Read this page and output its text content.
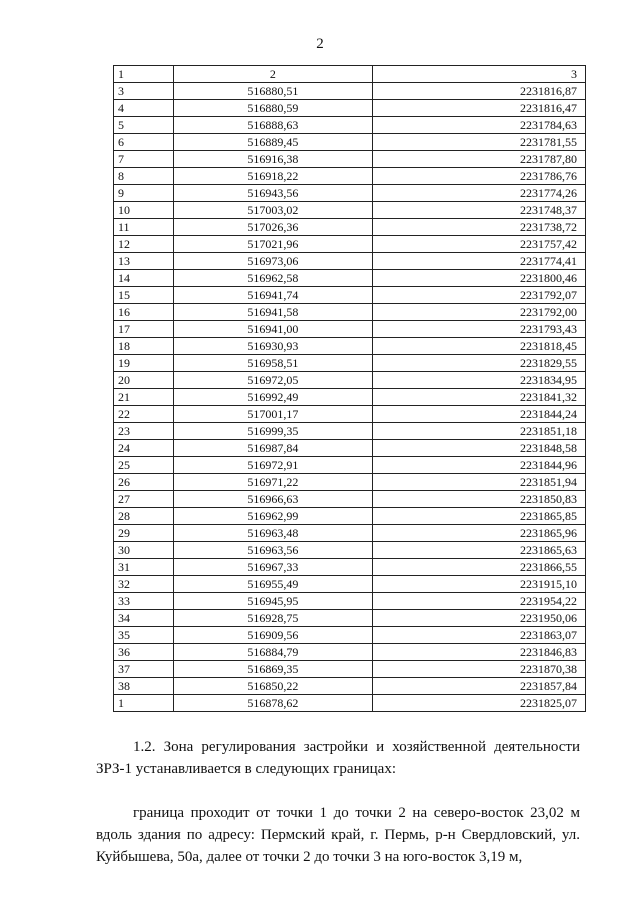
2
1	2	3
3	516880,51	2231816,87
4	516880,59	2231816,47
5	516888,63	2231784,63
6	516889,45	2231781,55
7	516916,38	2231787,80
8	516918,22	2231786,76
9	516943,56	2231774,26
10	517003,02	2231748,37
11	517026,36	2231738,72
12	517021,96	2231757,42
13	516973,06	2231774,41
14	516962,58	2231800,46
15	516941,74	2231792,07
16	516941,58	2231792,00
17	516941,00	2231793,43
18	516930,93	2231818,45
19	516958,51	2231829,55
20	516972,05	2231834,95
21	516992,49	2231841,32
22	517001,17	2231844,24
23	516999,35	2231851,18
24	516987,84	2231848,58
25	516972,91	2231844,96
26	516971,22	2231851,94
27	516966,63	2231850,83
28	516962,99	2231865,85
29	516963,48	2231865,96
30	516963,56	2231865,63
31	516967,33	2231866,55
32	516955,49	2231915,10
33	516945,95	2231954,22
34	516928,75	2231950,06
35	516909,56	2231863,07
36	516884,79	2231846,83
37	516869,35	2231870,38
38	516850,22	2231857,84
1	516878,62	2231825,07
1.2. Зона регулирования застройки и хозяйственной деятельности ЗРЗ-1 устанавливается в следующих границах:
граница проходит от точки 1 до точки 2 на северо-восток 23,02 м вдоль здания по адресу: Пермский край, г. Пермь, р-н Свердловский, ул. Куйбышева, 50а, далее от точки 2 до точки 3 на юго-восток 3,19 м,
